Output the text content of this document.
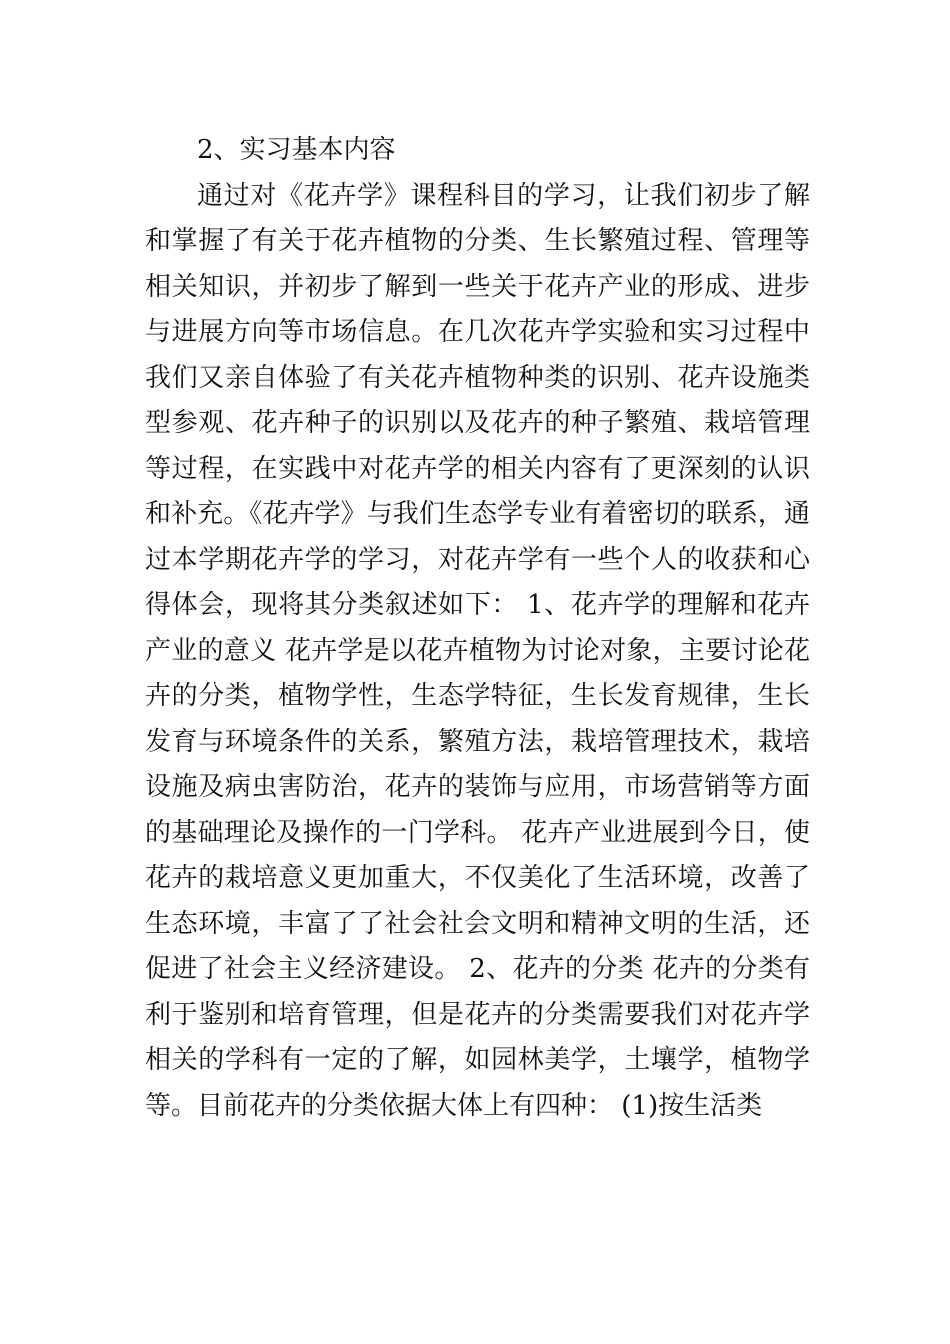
2、实习基本内容

通过对《花卉学》课程科目的学习，让我们初步了解和掌握了有关于花卉植物的分类、生长繁殖过程、管理等相关知识，并初步了解到一些关于花卉产业的形成、进步与进展方向等市场信息。在几次花卉学实验和实习过程中我们又亲自体验了有关花卉植物种类的识别、花卉设施类型参观、花卉种子的识别以及花卉的种子繁殖、栽培管理等过程，在实践中对花卉学的相关内容有了更深刻的认识和补充。《花卉学》与我们生态学专业有着密切的联系，通过本学期花卉学的学习，对花卉学有一些个人的收获和心得体会，现将其分类叙述如下： 1、花卉学的理解和花卉产业的意义 花卉学是以花卉植物为讨论对象，主要讨论花卉的分类，植物学性，生态学特征，生长发育规律，生长发育与环境条件的关系，繁殖方法，栽培管理技术，栽培设施及病虫害防治，花卉的装饰与应用，市场营销等方面的基础理论及操作的一门学科。 花卉产业进展到今日，使花卉的栽培意义更加重大，不仅美化了生活环境，改善了生态环境，丰富了了社会社会文明和精神文明的生活，还促进了社会主义经济建设。 2、花卉的分类 花卉的分类有利于鉴别和培育管理，但是花卉的分类需要我们对花卉学相关的学科有一定的了解，如园林美学，土壤学，植物学等。目前花卉的分类依据大体上有四种： (1)按生活类
